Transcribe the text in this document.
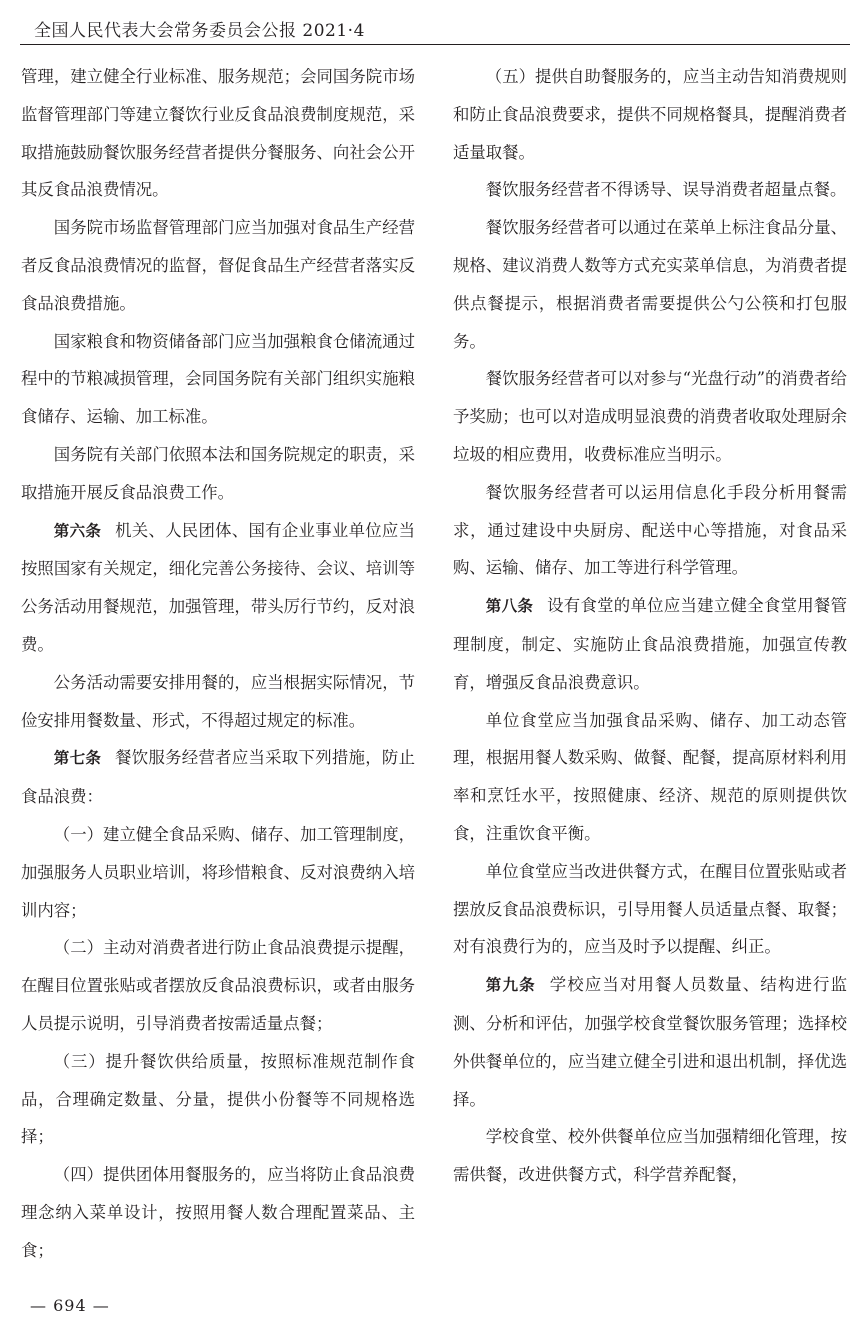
全国人民代表大会常务委员会公报 2021·4

管理，建立健全行业标准、服务规范；会同国务院市场监督管理部门等建立餐饮行业反食品浪费制度规范，采取措施鼓励餐饮服务经营者提供分餐服务、向社会公开其反食品浪费情况。

国务院市场监督管理部门应当加强对食品生产经营者反食品浪费情况的监督，督促食品生产经营者落实反食品浪费措施。

国家粮食和物资储备部门应当加强粮食仓储流通过程中的节粮减损管理，会同国务院有关部门组织实施粮食储存、运输、加工标准。

国务院有关部门依照本法和国务院规定的职责，采取措施开展反食品浪费工作。

第六条 机关、人民团体、国有企业事业单位应当按照国家有关规定，细化完善公务接待、会议、培训等公务活动用餐规范，加强管理，带头厉行节约，反对浪费。

公务活动需要安排用餐的，应当根据实际情况，节俭安排用餐数量、形式，不得超过规定的标准。

第七条 餐饮服务经营者应当采取下列措施，防止食品浪费：

（一）建立健全食品采购、储存、加工管理制度，加强服务人员职业培训，将珍惜粮食、反对浪费纳入培训内容；

（二）主动对消费者进行防止食品浪费提示提醒，在醒目位置张贴或者摆放反食品浪费标识，或者由服务人员提示说明，引导消费者按需适量点餐；

（三）提升餐饮供给质量，按照标准规范制作食品，合理确定数量、分量，提供小份餐等不同规格选择；

（四）提供团体用餐服务的，应当将防止食品浪费理念纳入菜单设计，按照用餐人数合理配置菜品、主食；

（五）提供自助餐服务的，应当主动告知消费规则和防止食品浪费要求，提供不同规格餐具，提醒消费者适量取餐。

餐饮服务经营者不得诱导、误导消费者超量点餐。

餐饮服务经营者可以通过在菜单上标注食品分量、规格、建议消费人数等方式充实菜单信息，为消费者提供点餐提示，根据消费者需要提供公勺公筷和打包服务。

餐饮服务经营者可以对参与“光盘行动”的消费者给予奖励；也可以对造成明显浪费的消费者收取处理厨余垃圾的相应费用，收费标准应当明示。

餐饮服务经营者可以运用信息化手段分析用餐需求，通过建设中央厨房、配送中心等措施，对食品采购、运输、储存、加工等进行科学管理。

第八条 设有食堂的单位应当建立健全食堂用餐管理制度，制定、实施防止食品浪费措施，加强宣传教育，增强反食品浪费意识。

单位食堂应当加强食品采购、储存、加工动态管理，根据用餐人数采购、做餐、配餐，提高原材料利用率和烹饪水平，按照健康、经济、规范的原则提供饮食，注重饮食平衡。

单位食堂应当改进供餐方式，在醒目位置张贴或者摆放反食品浪费标识，引导用餐人员适量点餐、取餐；对有浪费行为的，应当及时予以提醒、纠正。

第九条 学校应当对用餐人员数量、结构进行监测、分析和评估，加强学校食堂餐饮服务管理；选择校外供餐单位的，应当建立健全引进和退出机制，择优选择。

学校食堂、校外供餐单位应当加强精细化管理，按需供餐，改进供餐方式，科学营养配餐，

— 694 —
